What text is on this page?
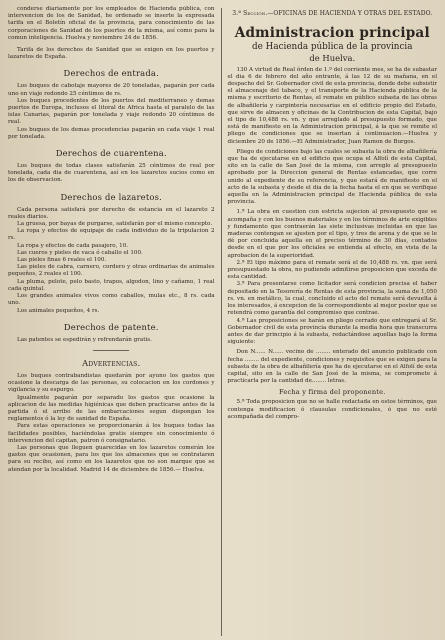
conderse diariamente por los empleados de Hacienda pública, con intervencion de los de Sanidad, he ordenado se inserte la expresada tarifa en el Boletín oficial de la provincia, para conocimiento de las corporaciones de Sanidad de los puertos de la misma, así como para la comun inteligencia. Huelva y noviembre 24 de 1856.

Tarifa de los derechos de Sanidad que se exigen en los puertos y lazaretos de España.

Derechos de entrada.

Los buques de cabotaje mayores de 20 toneladas, pagarán por cada uno en viaje redondo 25 céntimos de rs.

Los buques procedentes de los puertos del mediterraneo y demas puertos de Europa, inclusos el litoral de Africa hasta el paralelo de las islas Canarias, pagarán por tonelada y viaje redondo 20 céntimos de real.

Los buques de los demas procedencias pagarán en cada viaje 1 real por tonelada.

Derechos de cuarentena.

Los buques de todas clases satisfarán 25 céntimos de real por tonelada, cada dia de cuarentena, así en los lazaretos sucios como en los de observacion.

Derechos de lazaretos.

Cada persona satisfará por derecho de estancia en el lazareto 2 reales diarios.

La gruesa, por bayas de purgarse, satisfarán por el mismo concepto.

La ropa y efectos de equipaje de cada individuo de la tripulacion 2 rs.

La ropa y efectos de cada pasajero, 10.

Las cueros y pieles de vaca ó caballo el 100.

Las pieles finas 6 reales el 100.

Las pieles de cabra, carnero, cordero y otras ordinarias de animales pequeños, 2 reales el 100.

La pluma, pelote, pelo basto, trapos, algodon, lino y cañamo, 1 real cada quintal.

Los grandes animales vivos como caballos, mulas etc., 8 rs. cada uno.

Los animales pequeños, 4 rs.

Derechos de patente.

Las patentes se espedirán y refrendarán gratis.

Advertencias.

Los buques contrabandistas quedarán por ayuno los gastos que ocasione la descarga de las personas, su colocacion en los cordones y vigilancia y su espurgo.

Igualmente pagarán por separado los gastos que ocasione la aplicacion de las medidas higiénicas que deben practicarse antes de la partida ó el arribo de las embarcaciones segun dispongan los reglamentos ó la ley de sanidad de España.

Para estas operaciones se proporcionarán á los buques todas las facilidades posibles, haciéndolas gratis siempre sin conocimiento ó intervencion del capitan, patron ó consignatario.

Las personas que lleguen guarecidas en los lazaretos comerán los gastos que ocasionen, para los que los almacenes que se contrataren para su recibo, así como en los lazaretos que no son marque que se atendan por la localidad. Madrid 14 de diciembre de 1856.— Huelva.

3.ª Seccion.—OFICINAS DE HACIENDA Y OTRAS DEL ESTADO.
Administracion principal
de Hacienda pública de la provincia
de Huelva.

130 A virtud de Real órden de 1.º del corriente mes, se ha de subastar el dia 6 de febrero del año entrante, á las 12 de su mañana, en el despacho del Sr. Gobernador civil de esta provincia, donde debe subsistir el almacenaje del tabaco, y el transporte de la Hacienda pública de la misma y escritorio de Rentas, el remate en público subasta de las obras de albañilería y carpintería necesarias en el edificio propio del Estado, que sirve de almacen y oficinas de la Contribucion de esta Capital, bajo el tipo de 10,488 rs. vn. y que arreglado al presupuesto formado, que está de manifiesto en la Administracion principal, á la que se remite el pliego de condiciones que se insertan á continuacion.—Huelva y diciembre 20 de 1856.—El Administrador, Juan Ramon de Burgos.

Pliego de condiciones bajo las cuales se subasta la obra de albañilería que ha de ejecutarse en el edificio que ocupa el Alfolí de esta Capital, sito en la calle de San José de la misma, con arreglo al presupuesto aprobado por la Direccion general de Rentas estancadas, que corre unido al expediente de su referencia, y que estará de manifiesto en el acto de la subasta y desde el dia de la fecha hasta el en que se verifique aquella en la Administracion principal de Hacienda pública de esta provincia.

1.ª La obra en cuestion con estricta sujecion al presupuesto que se acompaña y con los buenos materiales y en los términos de arte exigibles y fundamento que contraerán las siete inclusivas incluidas en que las maderas contengan se ajusten por el tipo, y tres de arena y de que se le dé por concluida aquella en el preciso término de 30 dias, contados desde en el que por los oficiales se entienda al efecto, en vista de la aprobacion de la superioridad.

2.ª El tipo máximo para el remate será el de 10,488 rs. vn. que será presupuestado la obra, no pudiendo admitirse proposicion que exceda de esta cantidad.

3.ª Para presentarse como licitador será condicion precisa el haber depositado en la Tesorería de Rentas de esta provincia, la suma de 1,050 rs. vn. en metálico, la cual, concluido el acto del remate será devuelta á los interesados, á excepcion de la correspondiente al mejor postor que se retendrá como garantía del compromiso que contrae.

4.ª Las proposiciones se harán en pliego cerrado que entregará al Sr. Gobernador civil de esta provincia durante la media hora que transcurra antes de dar principio á la subasta, redactándose aquellas bajo la forma siguiente:

Don N...... N...... vecino de ........ enterado del anuncio publicado con fecha ........ del expediente, condiciones y requisitos que se exigen para la subasta de la obra de albañilería que ha de ejecutarse en el Alfolí de esta capital, sito en la calle de San José de la misma, se compromete á practicarla por la cantidad de........ letras.

Fecha y firma del proponente.

5.ª Toda proposicion que no se halle redactada en estos términos, que contenga modificacion ó clausulas condicionales, ó que no esté acompañada del compro-
